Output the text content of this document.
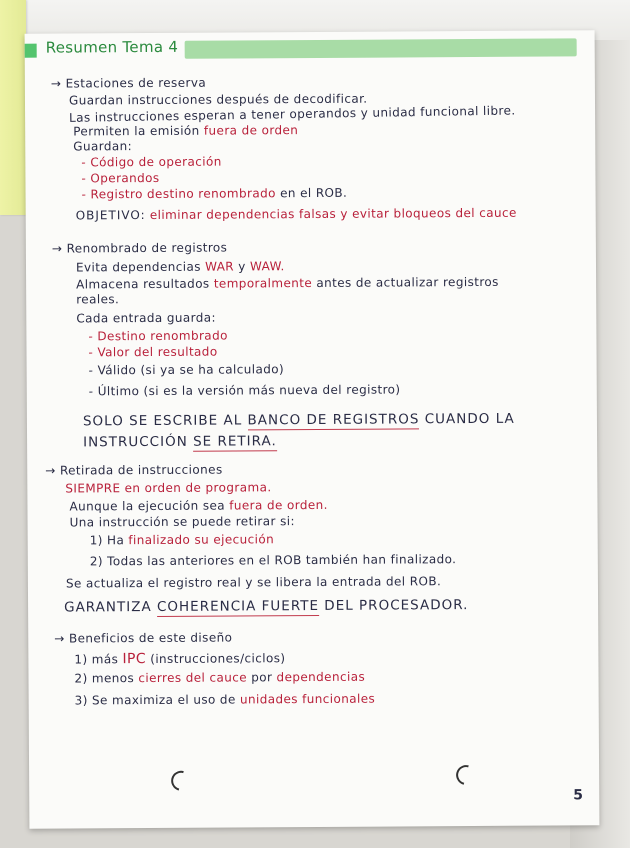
Resumen Tema 4
→ Estaciones de reserva
Guardan instrucciones después de decodificar.
Las instrucciones esperan a tener operandos y unidad funcional libre.
Permiten la emisión fuera de orden
Guardan:
- Código de operación
- Operandos
- Registro destino renombrado en el ROB.
OBJETIVO: eliminar dependencias falsas y evitar bloqueos del cauce
→ Renombrado de registros
Evita dependencias WAR y WAW.
Almacena resultados temporalmente antes de actualizar registros
reales.
Cada entrada guarda:
- Destino renombrado
- Valor del resultado
- Válido (si ya se ha calculado)
- Último (si es la versión más nueva del registro)
SOLO SE ESCRIBE AL BANCO DE REGISTROS CUANDO LA
INSTRUCCIÓN SE RETIRA.
→ Retirada de instrucciones
SIEMPRE en orden de programa.
Aunque la ejecución sea fuera de orden.
Una instrucción se puede retirar si:
1) Ha finalizado su ejecución
2) Todas las anteriores en el ROB también han finalizado.
Se actualiza el registro real y se libera la entrada del ROB.
GARANTIZA COHERENCIA FUERTE DEL PROCESADOR.
→ Beneficios de este diseño
1) más IPC (instrucciones/ciclos)
2) menos cierres del cauce por dependencias
3) Se maximiza el uso de unidades funcionales
5
